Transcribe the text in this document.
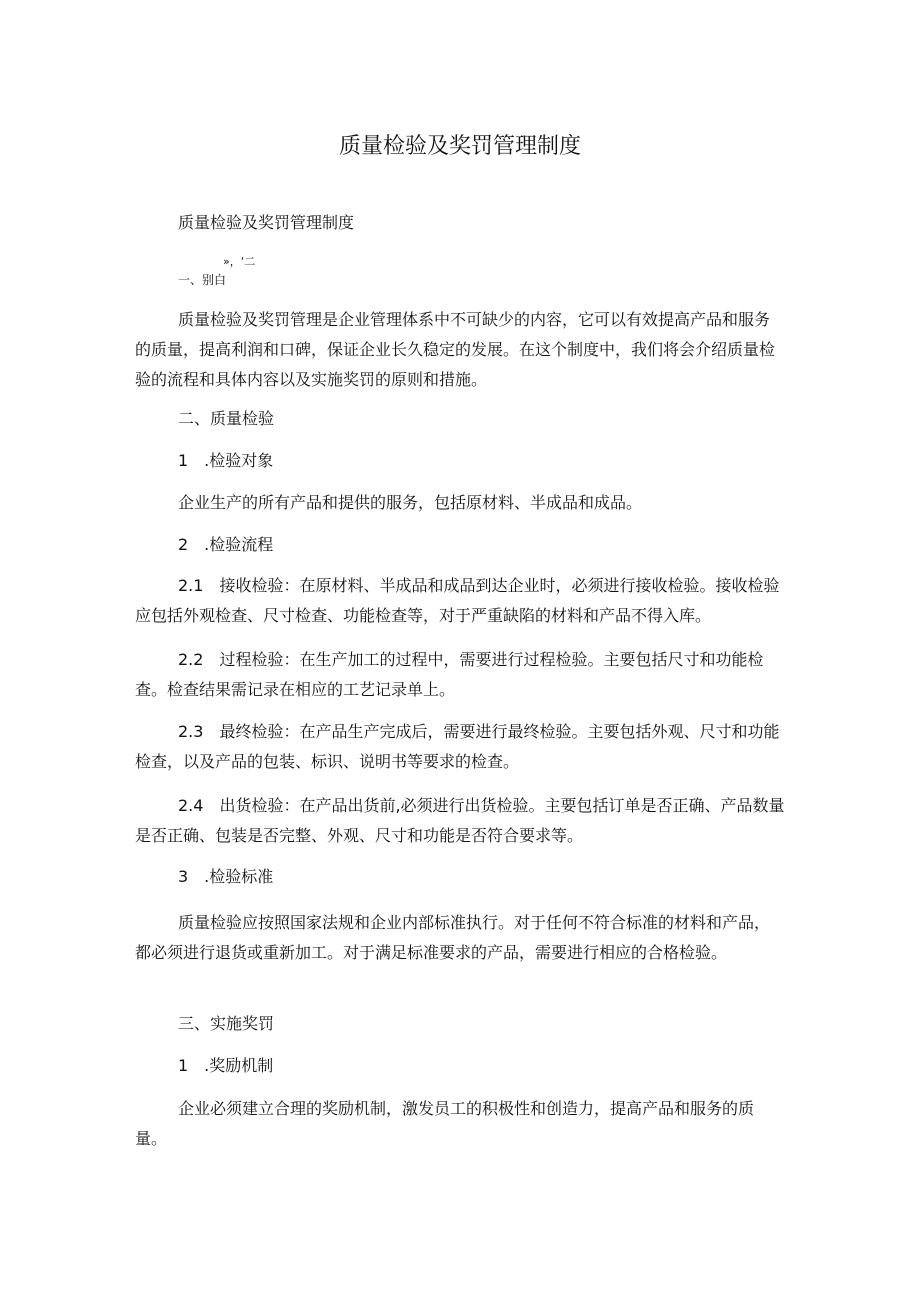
质量检验及奖罚管理制度
质量检验及奖罚管理制度
»，‘二
一、别白
质量检验及奖罚管理是企业管理体系中不可缺少的内容，它可以有效提高产品和服务的质量，提高利润和口碑，保证企业长久稳定的发展。在这个制度中，我们将会介绍质量检验的流程和具体内容以及实施奖罚的原则和措施。
二、质量检验
1　.检验对象
企业生产的所有产品和提供的服务，包括原材料、半成品和成品。
2　.检验流程
2.1　接收检验：在原材料、半成品和成品到达企业时，必须进行接收检验。接收检验应包括外观检查、尺寸检查、功能检查等，对于严重缺陷的材料和产品不得入库。
2.2　过程检验：在生产加工的过程中，需要进行过程检验。主要包括尺寸和功能检查。检查结果需记录在相应的工艺记录单上。
2.3　最终检验：在产品生产完成后，需要进行最终检验。主要包括外观、尺寸和功能检查，以及产品的包装、标识、说明书等要求的检查。
2.4　出货检验：在产品出货前,必须进行出货检验。主要包括订单是否正确、产品数量是否正确、包装是否完整、外观、尺寸和功能是否符合要求等。
3　.检验标准
质量检验应按照国家法规和企业内部标准执行。对于任何不符合标准的材料和产品，都必须进行退货或重新加工。对于满足标准要求的产品，需要进行相应的合格检验。
三、实施奖罚
1　.奖励机制
企业必须建立合理的奖励机制，激发员工的积极性和创造力，提高产品和服务的质量。
